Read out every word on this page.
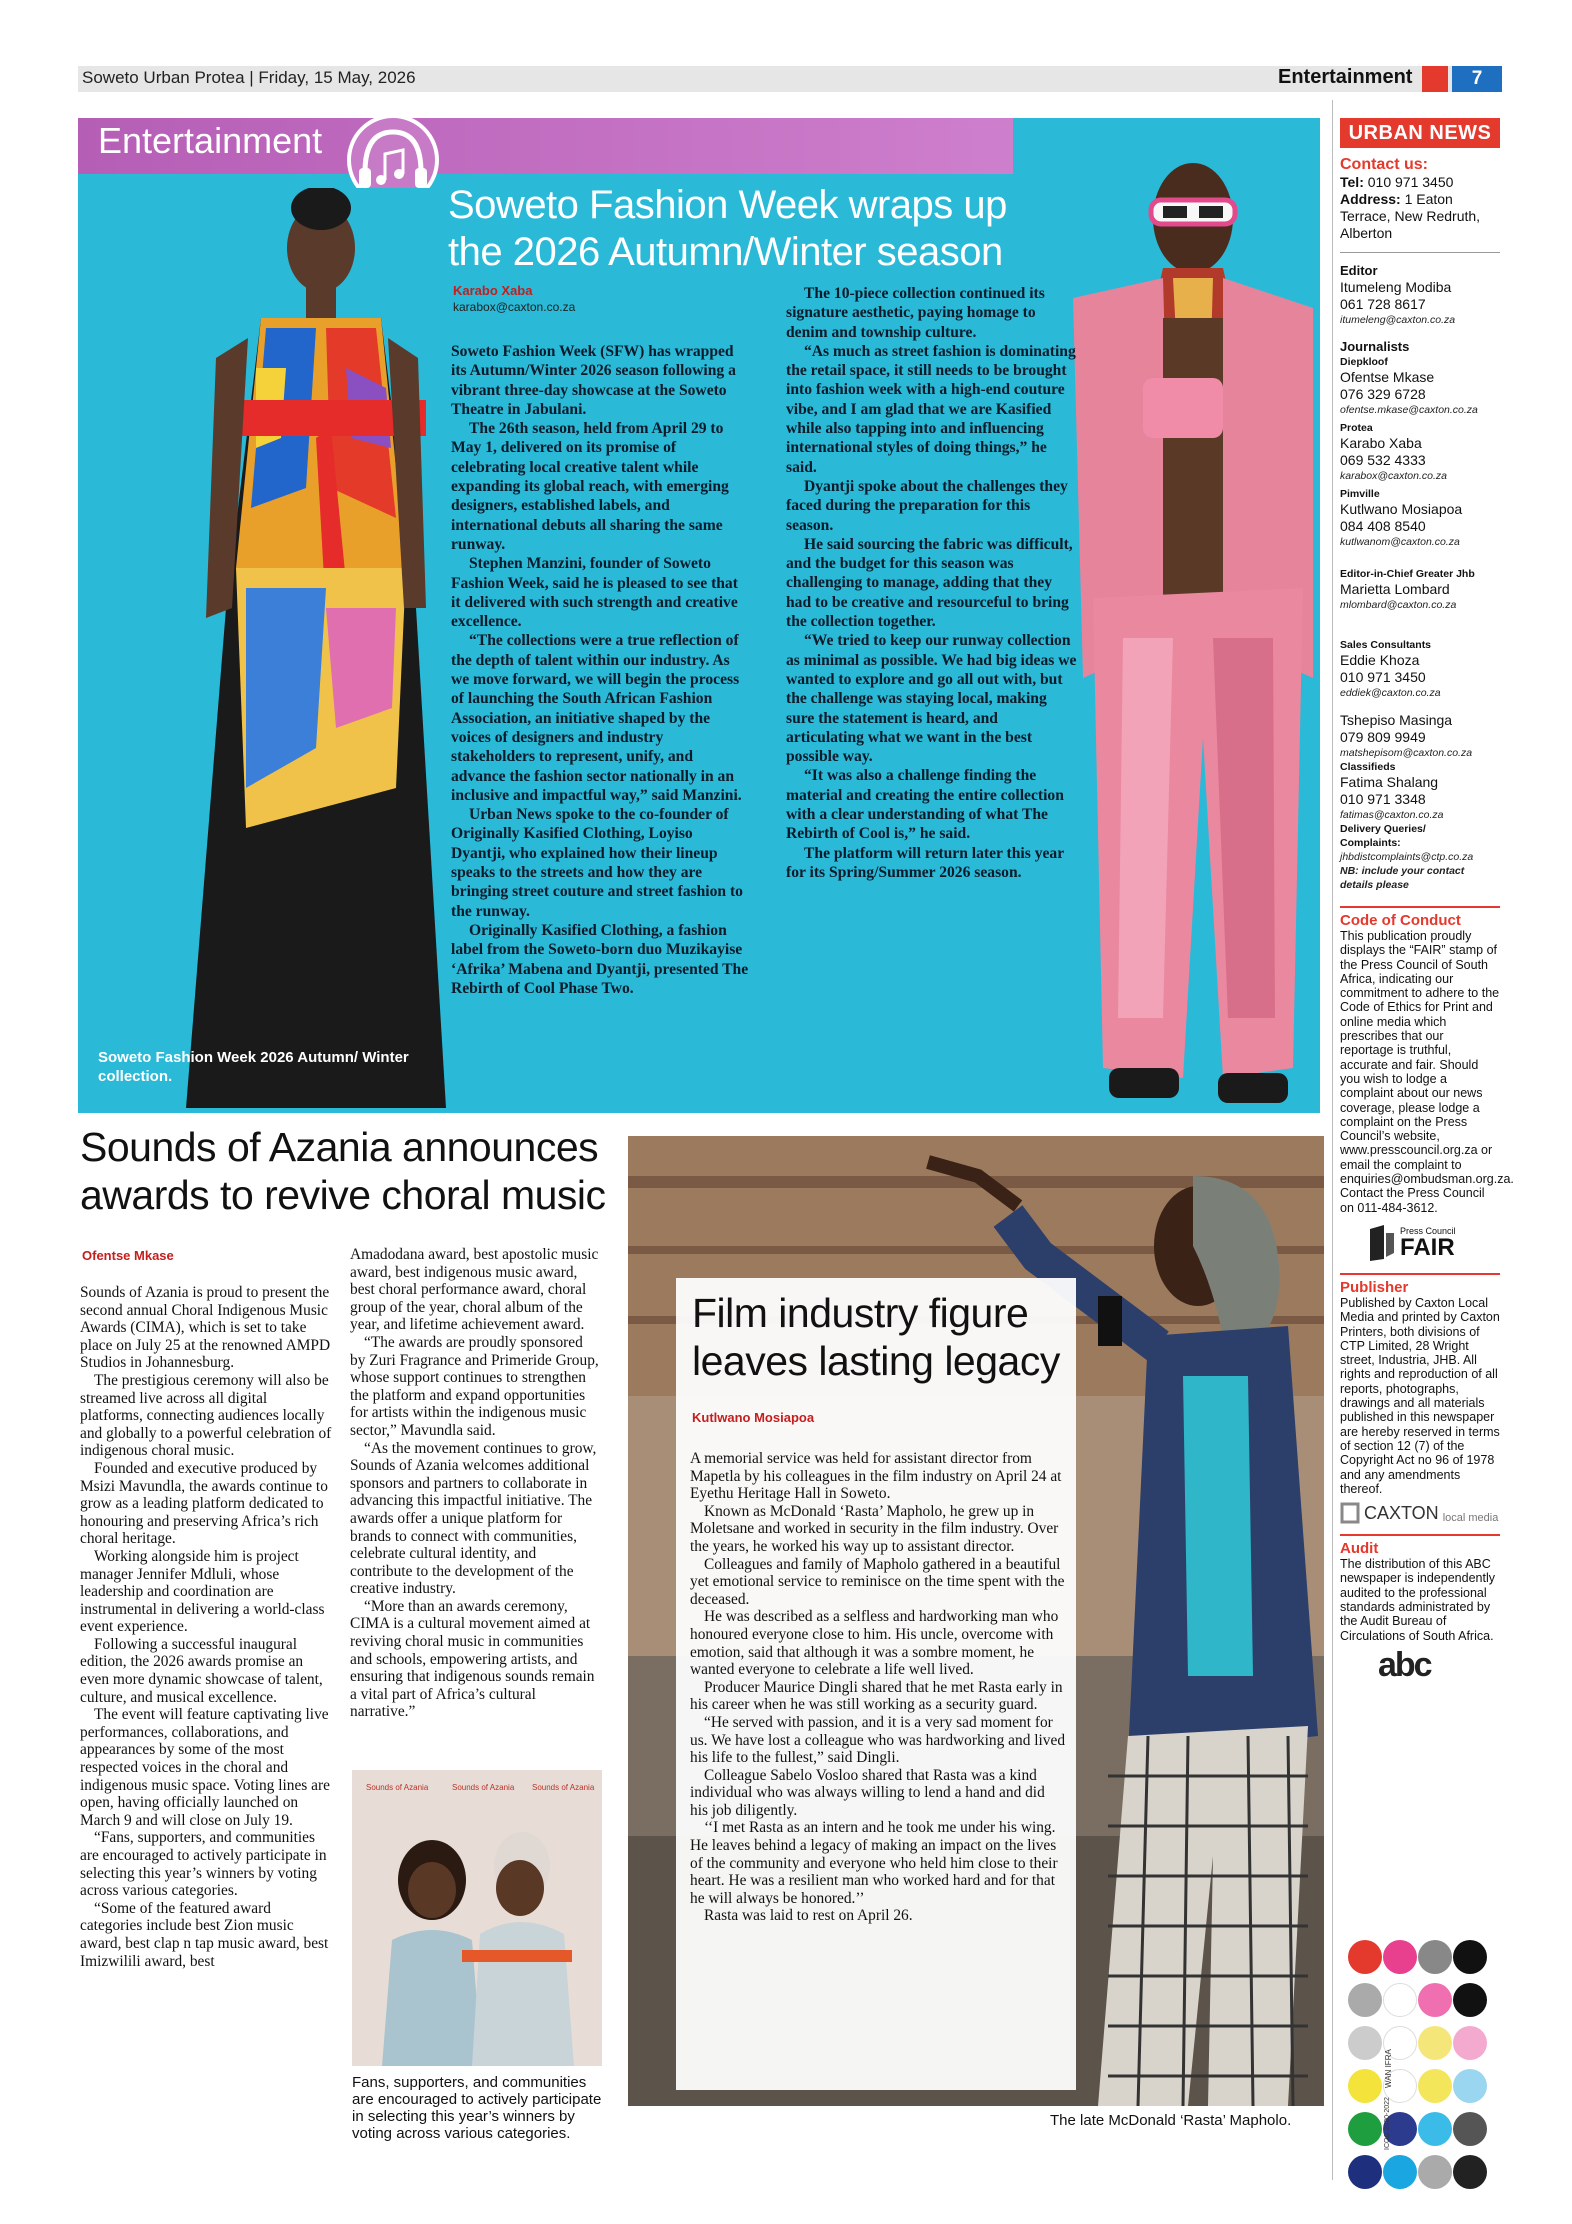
Soweto Urban Protea | Friday, 15 May, 2026	Entertainment	7
Entertainment
Soweto Fashion Week wraps up the 2026 Autumn/Winter season
Karabo Xaba
karabox@caxton.co.za

Soweto Fashion Week (SFW) has wrapped its Autumn/Winter 2026 season following a vibrant three-day showcase at the Soweto Theatre in Jabulani.

The 26th season, held from April 29 to May 1, delivered on its promise of celebrating local creative talent while expanding its global reach, with emerging designers, established labels, and international debuts all sharing the same runway.

Stephen Manzini, founder of Soweto Fashion Week, said he is pleased to see that it delivered with such strength and creative excellence.

“The collections were a true reflection of the depth of talent within our industry. As we move forward, we will begin the process of launching the South African Fashion Association, an initiative shaped by the voices of designers and industry stakeholders to represent, unify, and advance the fashion sector nationally in an inclusive and impactful way,” said Manzini.

Urban News spoke to the co-founder of Originally Kasified Clothing, Loyiso Dyantji, who explained how their lineup speaks to the streets and how they are bringing street couture and street fashion to the runway.

Originally Kasified Clothing, a fashion label from the Soweto-born duo Muzikayise ‘Afrika’ Mabena and Dyantji, presented The Rebirth of Cool Phase Two.

The 10-piece collection continued its signature aesthetic, paying homage to denim and township culture.

“As much as street fashion is dominating the retail space, it still needs to be brought into fashion week with a high-end couture vibe, and I am glad that we are Kasified while also tapping into and influencing international styles of doing things,” he said.

Dyantji spoke about the challenges they faced during the preparation for this season.

He said sourcing the fabric was difficult, and the budget for this season was challenging to manage, adding that they had to be creative and resourceful to bring the collection together.

“We tried to keep our runway collection as minimal as possible. We had big ideas we wanted to explore and go all out with, but the challenge was staying local, making sure the statement is heard, and articulating what we want in the best possible way.

“It was also a challenge finding the material and creating the entire collection with a clear understanding of what The Rebirth of Cool is,” he said.

The platform will return later this year for its Spring/Summer 2026 season.

Soweto Fashion Week 2026 Autumn/ Winter collection.
URBAN NEWS
Contact us:
Tel: 010 971 3450
Address: 1 Eaton Terrace, New Redruth, Alberton
Editor
Itumeleng Modiba
061 728 8617
itumeleng@caxton.co.za
Journalists
Diepkloof
Ofentse Mkase
076 329 6728
ofentse.mkase@caxton.co.za
Protea
Karabo Xaba
069 532 4333
karabox@caxton.co.za
Pimville
Kutlwano Mosiapoa
084 408 8540
kutlwanom@caxton.co.za
Editor-in-Chief Greater Jhb
Marietta Lombard
mlombard@caxton.co.za
Sales Consultants
Eddie Khoza
010 971 3450
eddiek@caxton.co.za
Tshepiso Masinga
079 809 9949
matshepisom@caxton.co.za
Classifieds
Fatima Shalang
010 971 3348
fatimas@caxton.co.za
Delivery Queries/
Complaints:
jhbdistcomplaints@ctp.co.za
NB: include your contact details please
Code of Conduct
This publication proudly displays the “FAIR” stamp of the Press Council of South Africa, indicating our commitment to adhere to the Code of Ethics for Print and online media which prescribes that our reportage is truthful, accurate and fair. Should you wish to lodge a complaint about our news coverage, please lodge a complaint on the Press Council’s website, www.presscouncil.org.za or email the complaint to enquiries@ombudsman.org.za. Contact the Press Council on 011-484-3612.
Press Council
FAIR
Publisher
Published by Caxton Local Media and printed by Caxton Printers, both divisions of CTP Limited, 28 Wright street, Industria, JHB. All rights and reproduction of all reports, photographs, drawings and all materials published in this newspaper are hereby reserved in terms of section 12 (7) of the Copyright Act no 96 of 1978 and any amendments thereof.
CAXTON local media
Audit
The distribution of this ABC newspaper is independently audited to the professional standards administrated by the Audit Bureau of Circulations of South Africa.
abc

WAN IFRA
ICOC 2020-2022
Sounds of Azania announces awards to revive choral music
Ofentse Mkase

Sounds of Azania is proud to present the second annual Choral Indigenous Music Awards (CIMA), which is set to take place on July 25 at the renowned AMPD Studios in Johannesburg.

The prestigious ceremony will also be streamed live across all digital platforms, connecting audiences locally and globally to a powerful celebration of indigenous choral music.

Founded and executive produced by Msizi Mavundla, the awards continue to grow as a leading platform dedicated to honouring and preserving Africa’s rich choral heritage.

Working alongside him is project manager Jennifer Mdluli, whose leadership and coordination are instrumental in delivering a world-class event experience.

Following a successful inaugural edition, the 2026 awards promise an even more dynamic showcase of talent, culture, and musical excellence.

The event will feature captivating live performances, collaborations, and appearances by some of the most respected voices in the choral and indigenous music space. Voting lines are open, having officially launched on March 9 and will close on July 19.

“Fans, supporters, and communities are encouraged to actively participate in selecting this year’s winners by voting across various categories.

“Some of the featured award categories include best Zion music award, best clap n tap music award, best Imizwilili award, best

Amadodana award, best apostolic music award, best indigenous music award, best choral performance award, choral group of the year, choral album of the year, and lifetime achievement award.

“The awards are proudly sponsored by Zuri Fragrance and Primeride Group, whose support continues to strengthen the platform and expand opportunities for artists within the indigenous music sector,” Mavundla said.

“As the movement continues to grow, Sounds of Azania welcomes additional sponsors and partners to collaborate in advancing this impactful initiative. The awards offer a unique platform for brands to connect with communities, celebrate cultural identity, and contribute to the development of the creative industry.

“More than an awards ceremony, CIMA is a cultural movement aimed at reviving choral music in communities and schools, empowering artists, and ensuring that indigenous sounds remain a vital part of Africa’s cultural narrative.”

Sounds of Azania	Sounds of Azania Sounds of Azania
Fans, supporters, and communities are encouraged to actively participate in selecting this year’s winners by voting across various categories.
Film industry figure leaves lasting legacy
Kutlwano Mosiapoa

A memorial service was held for assistant director from Mapetla by his colleagues in the film industry on April 24 at Eyethu Heritage Hall in Soweto.

Known as McDonald ‘Rasta’ Mapholo, he grew up in Moletsane and worked in security in the film industry. Over the years, he worked his way up to assistant director.

Colleagues and family of Mapholo gathered in a beautiful yet emotional service to reminisce on the time spent with the deceased.

He was described as a selfless and hardworking man who honoured everyone close to him. His uncle, overcome with emotion, said that although it was a sombre moment, he wanted everyone to celebrate a life well lived.

Producer Maurice Dingli shared that he met Rasta early in his career when he was still working as a security guard.

“He served with passion, and it is a very sad moment for us. We have lost a colleague who was hardworking and lived his life to the fullest,” said Dingli.

Colleague Sabelo Vosloo shared that Rasta was a kind individual who was always willing to lend a hand and did his job diligently.

‘‘I met Rasta as an intern and he took me under his wing. He leaves behind a legacy of making an impact on the lives of the community and everyone who held him close to their heart. He was a resilient man who worked hard and for that he will always be honored.’’

Rasta was laid to rest on April 26.

The late McDonald ‘Rasta’ Mapholo.
